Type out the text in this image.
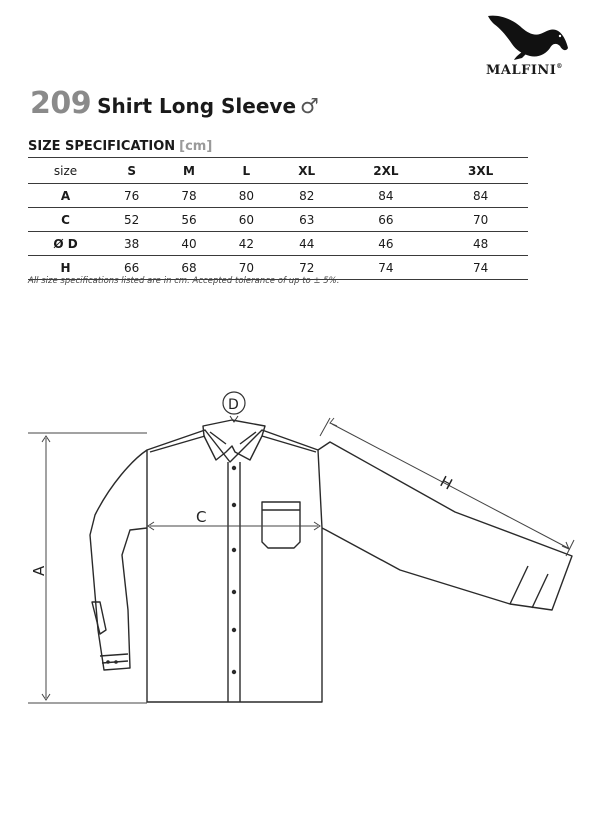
MALFINI®
209 Shirt Long Sleeve ♂
SIZE SPECIFICATION [cm]
size	S	M	L	XL	2XL	3XL
A	76	78	80	82	84	84
C	52	56	60	63	66	70
Ø D	38	40	42	44	46	48
H	66	68	70	72	74	74
All size specifications listed are in cm. Accepted tolerance of up to ± 5%.
A
C
D
H
